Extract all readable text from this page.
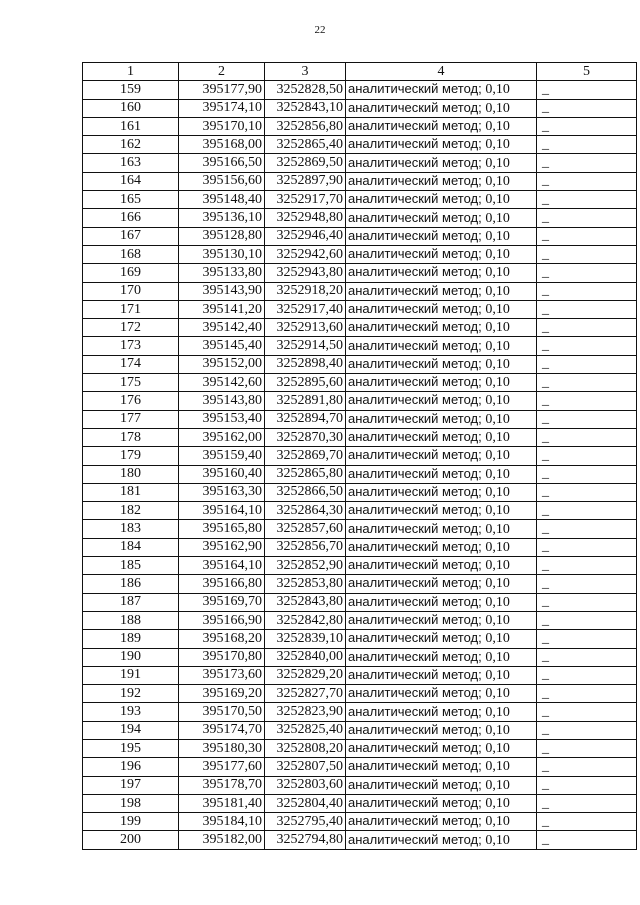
22
1	2	3	4	5
159	395177,90	3252828,50	аналитический метод; 0,10	_
160	395174,10	3252843,10	аналитический метод; 0,10	_
161	395170,10	3252856,80	аналитический метод; 0,10	_
162	395168,00	3252865,40	аналитический метод; 0,10	_
163	395166,50	3252869,50	аналитический метод; 0,10	_
164	395156,60	3252897,90	аналитический метод; 0,10	_
165	395148,40	3252917,70	аналитический метод; 0,10	_
166	395136,10	3252948,80	аналитический метод; 0,10	_
167	395128,80	3252946,40	аналитический метод; 0,10	_
168	395130,10	3252942,60	аналитический метод; 0,10	_
169	395133,80	3252943,80	аналитический метод; 0,10	_
170	395143,90	3252918,20	аналитический метод; 0,10	_
171	395141,20	3252917,40	аналитический метод; 0,10	_
172	395142,40	3252913,60	аналитический метод; 0,10	_
173	395145,40	3252914,50	аналитический метод; 0,10	_
174	395152,00	3252898,40	аналитический метод; 0,10	_
175	395142,60	3252895,60	аналитический метод; 0,10	_
176	395143,80	3252891,80	аналитический метод; 0,10	_
177	395153,40	3252894,70	аналитический метод; 0,10	_
178	395162,00	3252870,30	аналитический метод; 0,10	_
179	395159,40	3252869,70	аналитический метод; 0,10	_
180	395160,40	3252865,80	аналитический метод; 0,10	_
181	395163,30	3252866,50	аналитический метод; 0,10	_
182	395164,10	3252864,30	аналитический метод; 0,10	_
183	395165,80	3252857,60	аналитический метод; 0,10	_
184	395162,90	3252856,70	аналитический метод; 0,10	_
185	395164,10	3252852,90	аналитический метод; 0,10	_
186	395166,80	3252853,80	аналитический метод; 0,10	_
187	395169,70	3252843,80	аналитический метод; 0,10	_
188	395166,90	3252842,80	аналитический метод; 0,10	_
189	395168,20	3252839,10	аналитический метод; 0,10	_
190	395170,80	3252840,00	аналитический метод; 0,10	_
191	395173,60	3252829,20	аналитический метод; 0,10	_
192	395169,20	3252827,70	аналитический метод; 0,10	_
193	395170,50	3252823,90	аналитический метод; 0,10	_
194	395174,70	3252825,40	аналитический метод; 0,10	_
195	395180,30	3252808,20	аналитический метод; 0,10	_
196	395177,60	3252807,50	аналитический метод; 0,10	_
197	395178,70	3252803,60	аналитический метод; 0,10	_
198	395181,40	3252804,40	аналитический метод; 0,10	_
199	395184,10	3252795,40	аналитический метод; 0,10	_
200	395182,00	3252794,80	аналитический метод; 0,10	_
